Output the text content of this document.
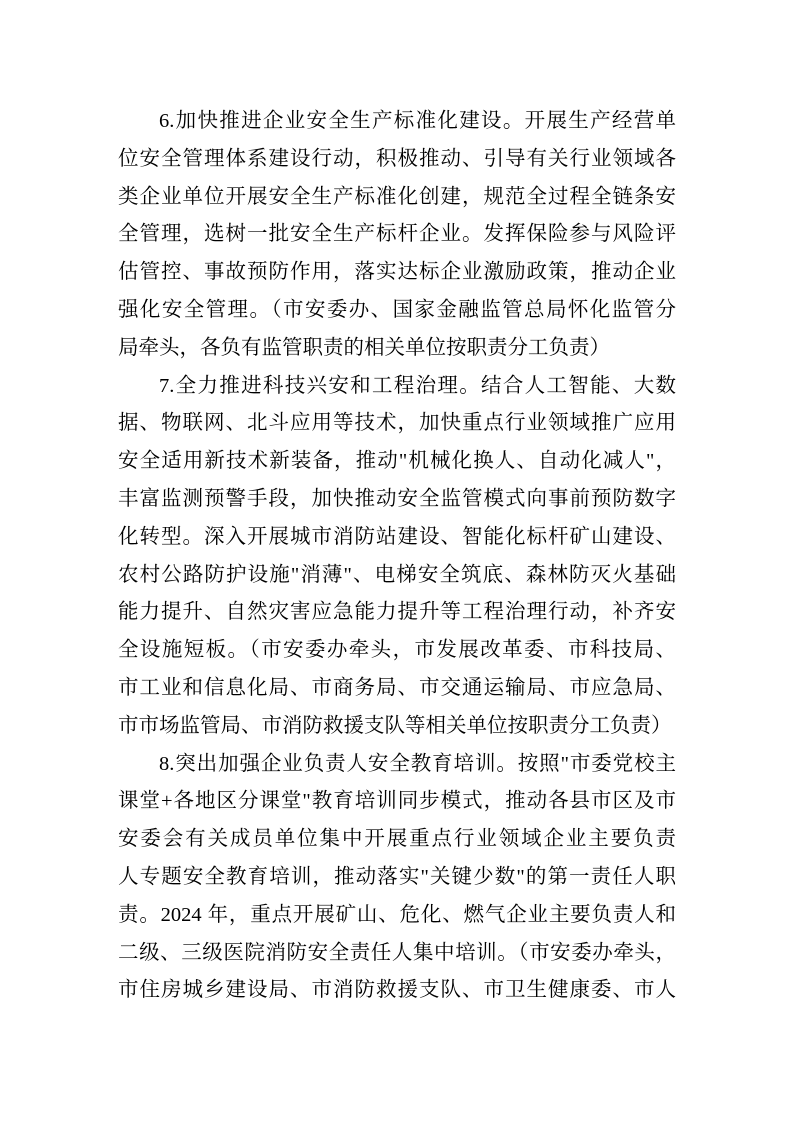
6.加快推进企业安全生产标准化建设。开展生产经营单
位安全管理体系建设行动，积极推动、引导有关行业领域各
类企业单位开展安全生产标准化创建，规范全过程全链条安
全管理，选树一批安全生产标杆企业。发挥保险参与风险评
估管控、事故预防作用，落实达标企业激励政策，推动企业
强化安全管理。（市安委办、国家金融监管总局怀化监管分
局牵头，各负有监管职责的相关单位按职责分工负责）
7.全力推进科技兴安和工程治理。结合人工智能、大数
据、物联网、北斗应用等技术，加快重点行业领域推广应用
安全适用新技术新装备，推动"机械化换人、自动化减人"，
丰富监测预警手段，加快推动安全监管模式向事前预防数字
化转型。深入开展城市消防站建设、智能化标杆矿山建设、
农村公路防护设施"消薄"、电梯安全筑底、森林防灭火基础
能力提升、自然灾害应急能力提升等工程治理行动，补齐安
全设施短板。（市安委办牵头，市发展改革委、市科技局、
市工业和信息化局、市商务局、市交通运输局、市应急局、
市市场监管局、市消防救援支队等相关单位按职责分工负责）
8.突出加强企业负责人安全教育培训。按照"市委党校主
课堂+各地区分课堂"教育培训同步模式，推动各县市区及市
安委会有关成员单位集中开展重点行业领域企业主要负责
人专题安全教育培训，推动落实"关键少数"的第一责任人职
责。2024 年，重点开展矿山、危化、燃气企业主要负责人和
二级、三级医院消防安全责任人集中培训。（市安委办牵头，
市住房城乡建设局、市消防救援支队、市卫生健康委、市人
